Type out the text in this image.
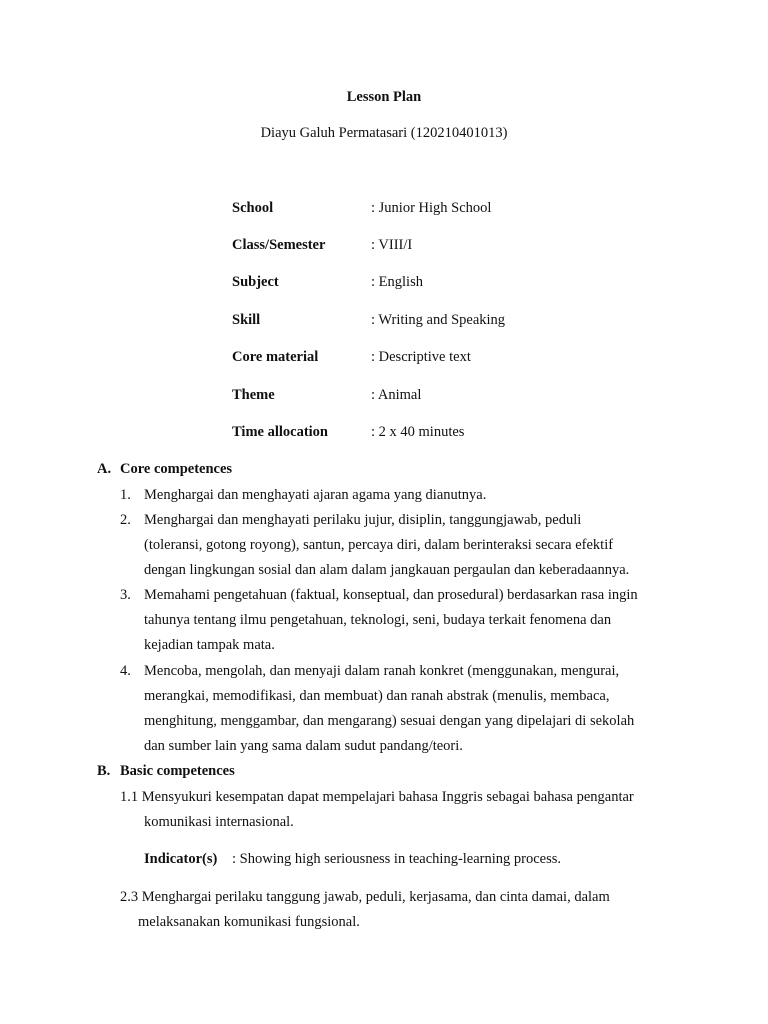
Lesson Plan
Diayu Galuh Permatasari (120210401013)
School	: Junior High School
Class/Semester	: VIII/I
Subject	: English
Skill	: Writing and Speaking
Core material	: Descriptive text
Theme	: Animal
Time allocation	: 2 x 40 minutes
A. Core competences
1. Menghargai dan menghayati ajaran agama yang dianutnya.
2. Menghargai dan menghayati perilaku jujur, disiplin, tanggungjawab, peduli
(toleransi, gotong royong), santun, percaya diri, dalam berinteraksi secara efektif
dengan lingkungan sosial dan alam dalam jangkauan pergaulan dan keberadaannya.
3. Memahami pengetahuan (faktual, konseptual, dan prosedural) berdasarkan rasa ingin
tahunya tentang ilmu pengetahuan, teknologi, seni, budaya terkait fenomena dan
kejadian tampak mata.
4. Mencoba, mengolah, dan menyaji dalam ranah konkret (menggunakan, mengurai,
merangkai, memodifikasi, dan membuat) dan ranah abstrak (menulis, membaca,
menghitung, menggambar, dan mengarang) sesuai dengan yang dipelajari di sekolah
dan sumber lain yang sama dalam sudut pandang/teori.
B. Basic competences
1.1 Mensyukuri kesempatan dapat mempelajari bahasa Inggris sebagai bahasa pengantar
komunikasi internasional.
Indicator(s) : Showing high seriousness in teaching-learning process.
2.3 Menghargai perilaku tanggung jawab, peduli, kerjasama, dan cinta damai, dalam
melaksanakan komunikasi fungsional.
